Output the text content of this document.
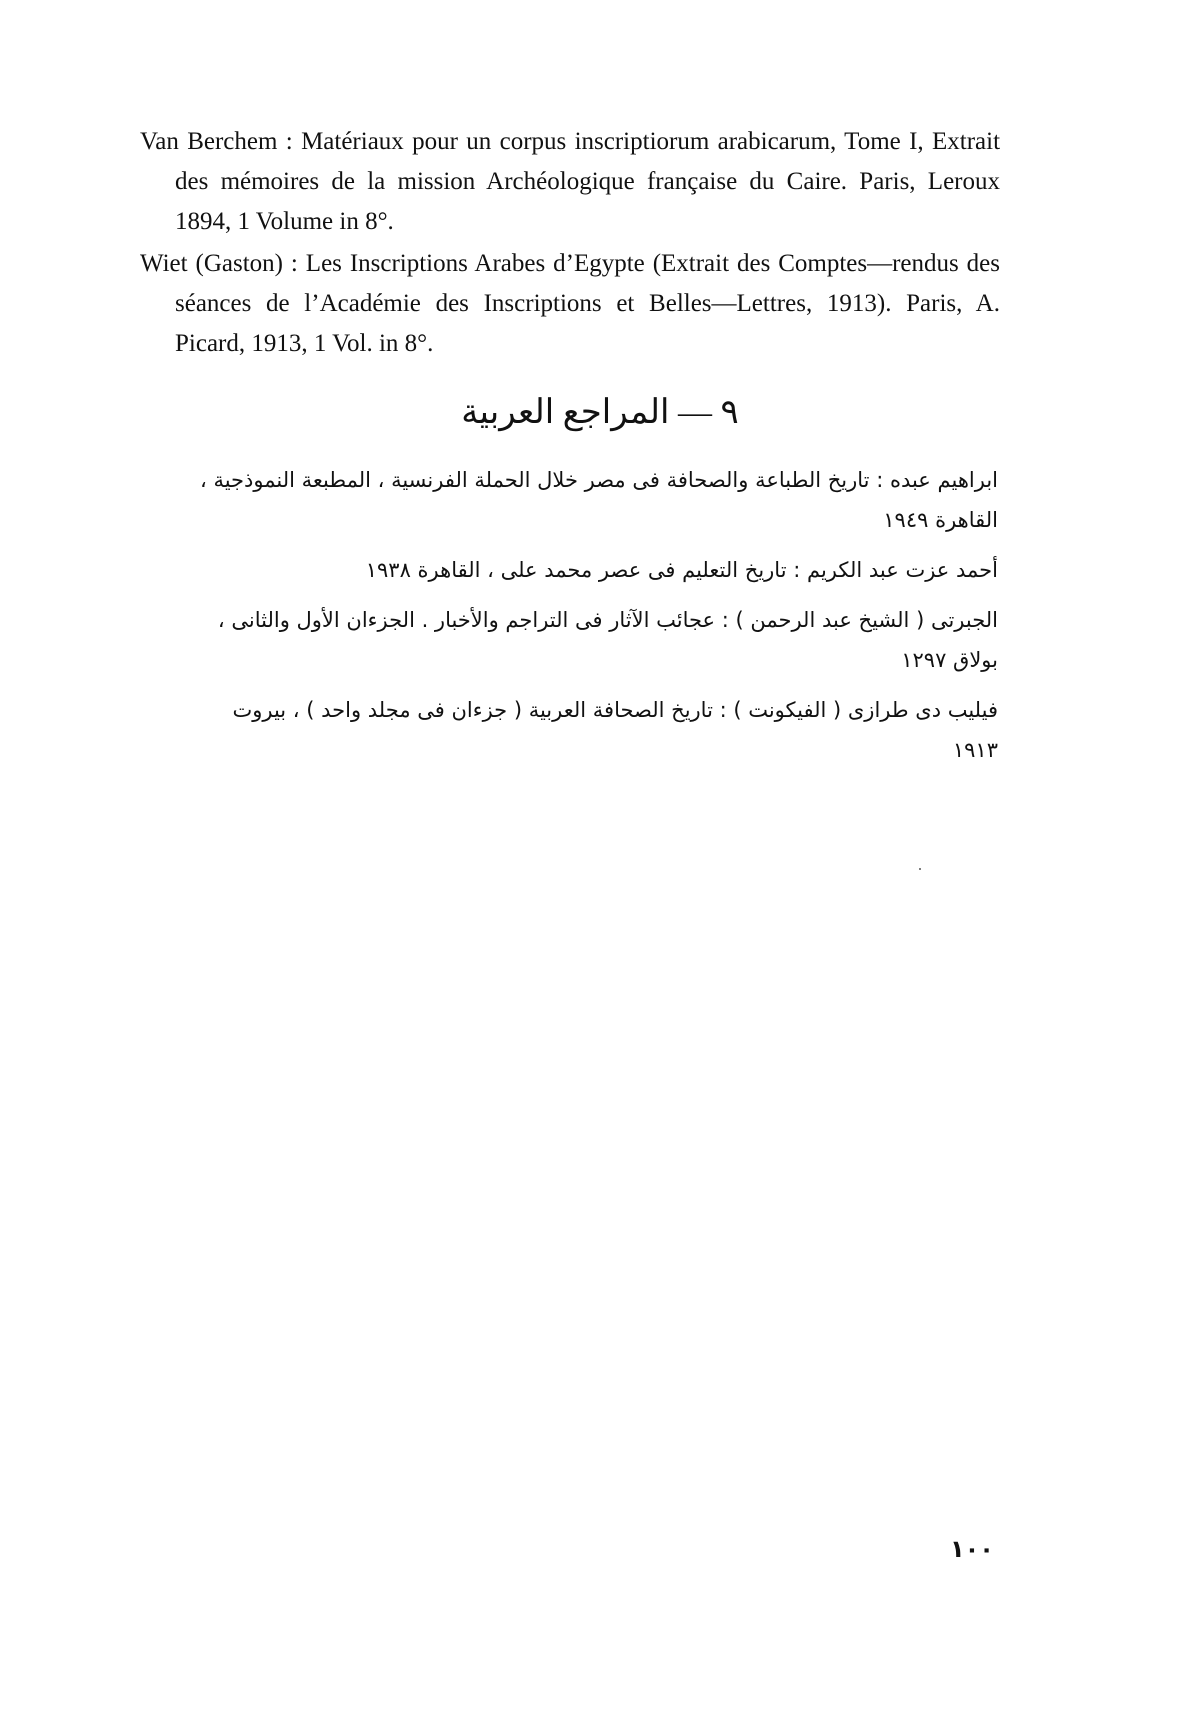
Van Berchem : Matériaux pour un corpus inscriptiorum arabicarum, Tome I, Extrait des mémoires de la mission Archéologique française du Caire. Paris, Leroux 1894, 1 Volume in 8°.

Wiet (Gaston) : Les Inscriptions Arabes d’Egypte (Extrait des Comptes—rendus des séances de l’Académie des Inscriptions et Belles—Lettres, 1913). Paris, A. Picard, 1913, 1 Vol. in 8°.

٩ — المراجع العربية

ابراهيم عبده : تاريخ الطباعة والصحافة فى مصر خلال الحملة الفرنسية ، المطبعة النموذجية ،
القاهرة ١٩٤٩

أحمد عزت عبد الكريم : تاريخ التعليم فى عصر محمد على ، القاهرة ١٩٣٨

الجبرتى ( الشيخ عبد الرحمن ) : عجائب الآثار فى التراجم والأخبار . الجزءان الأول والثانى ،
بولاق ١٢٩٧

فيليب دى طرازى ( الفيكونت ) : تاريخ الصحافة العربية ( جزءان فى مجلد واحد ) ، بيروت
١٩١٣

١٠٠
